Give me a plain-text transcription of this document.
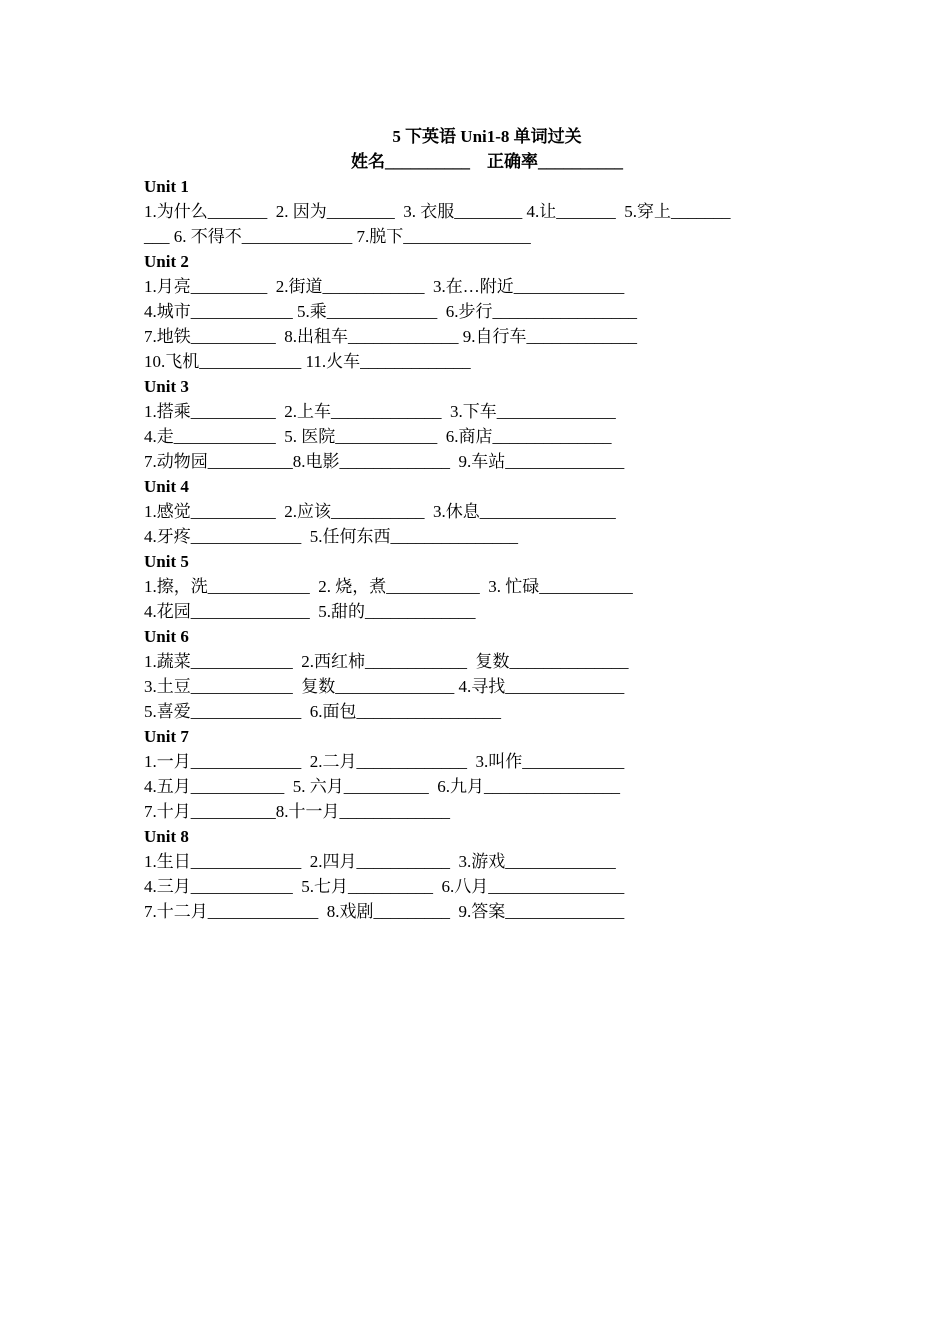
5 下英语 Uni1-8 单词过关
姓名__________    正确率__________
Unit 1
1.为什么_______  2. 因为________  3. 衣服________ 4.让_______  5.穿上_______
___ 6. 不得不_____________ 7.脱下_______________
Unit 2
1.月亮_________  2.街道____________  3.在…附近_____________
4.城市____________ 5.乘_____________  6.步行_________________
7.地铁__________  8.出租车_____________ 9.自行车_____________
10.飞机____________ 11.火车_____________
Unit 3
1.搭乘__________  2.上车_____________  3.下车______________
4.走____________  5. 医院____________  6.商店______________
7.动物园__________8.电影_____________  9.车站______________
Unit 4
1.感觉__________  2.应该___________  3.休息________________
4.牙疼_____________  5.任何东西_______________
Unit 5
1.擦，洗____________  2. 烧，煮___________  3. 忙碌___________
4.花园______________  5.甜的_____________
Unit 6
1.蔬菜____________  2.西红柿____________  复数______________
3.土豆____________  复数______________ 4.寻找______________
5.喜爱_____________  6.面包_________________
Unit 7
1.一月_____________  2.二月_____________  3.叫作____________
4.五月___________  5. 六月__________  6.九月________________
7.十月__________8.十一月_____________
Unit 8
1.生日_____________  2.四月___________  3.游戏_____________
4.三月____________  5.七月__________  6.八月________________
7.十二月_____________  8.戏剧_________  9.答案______________
